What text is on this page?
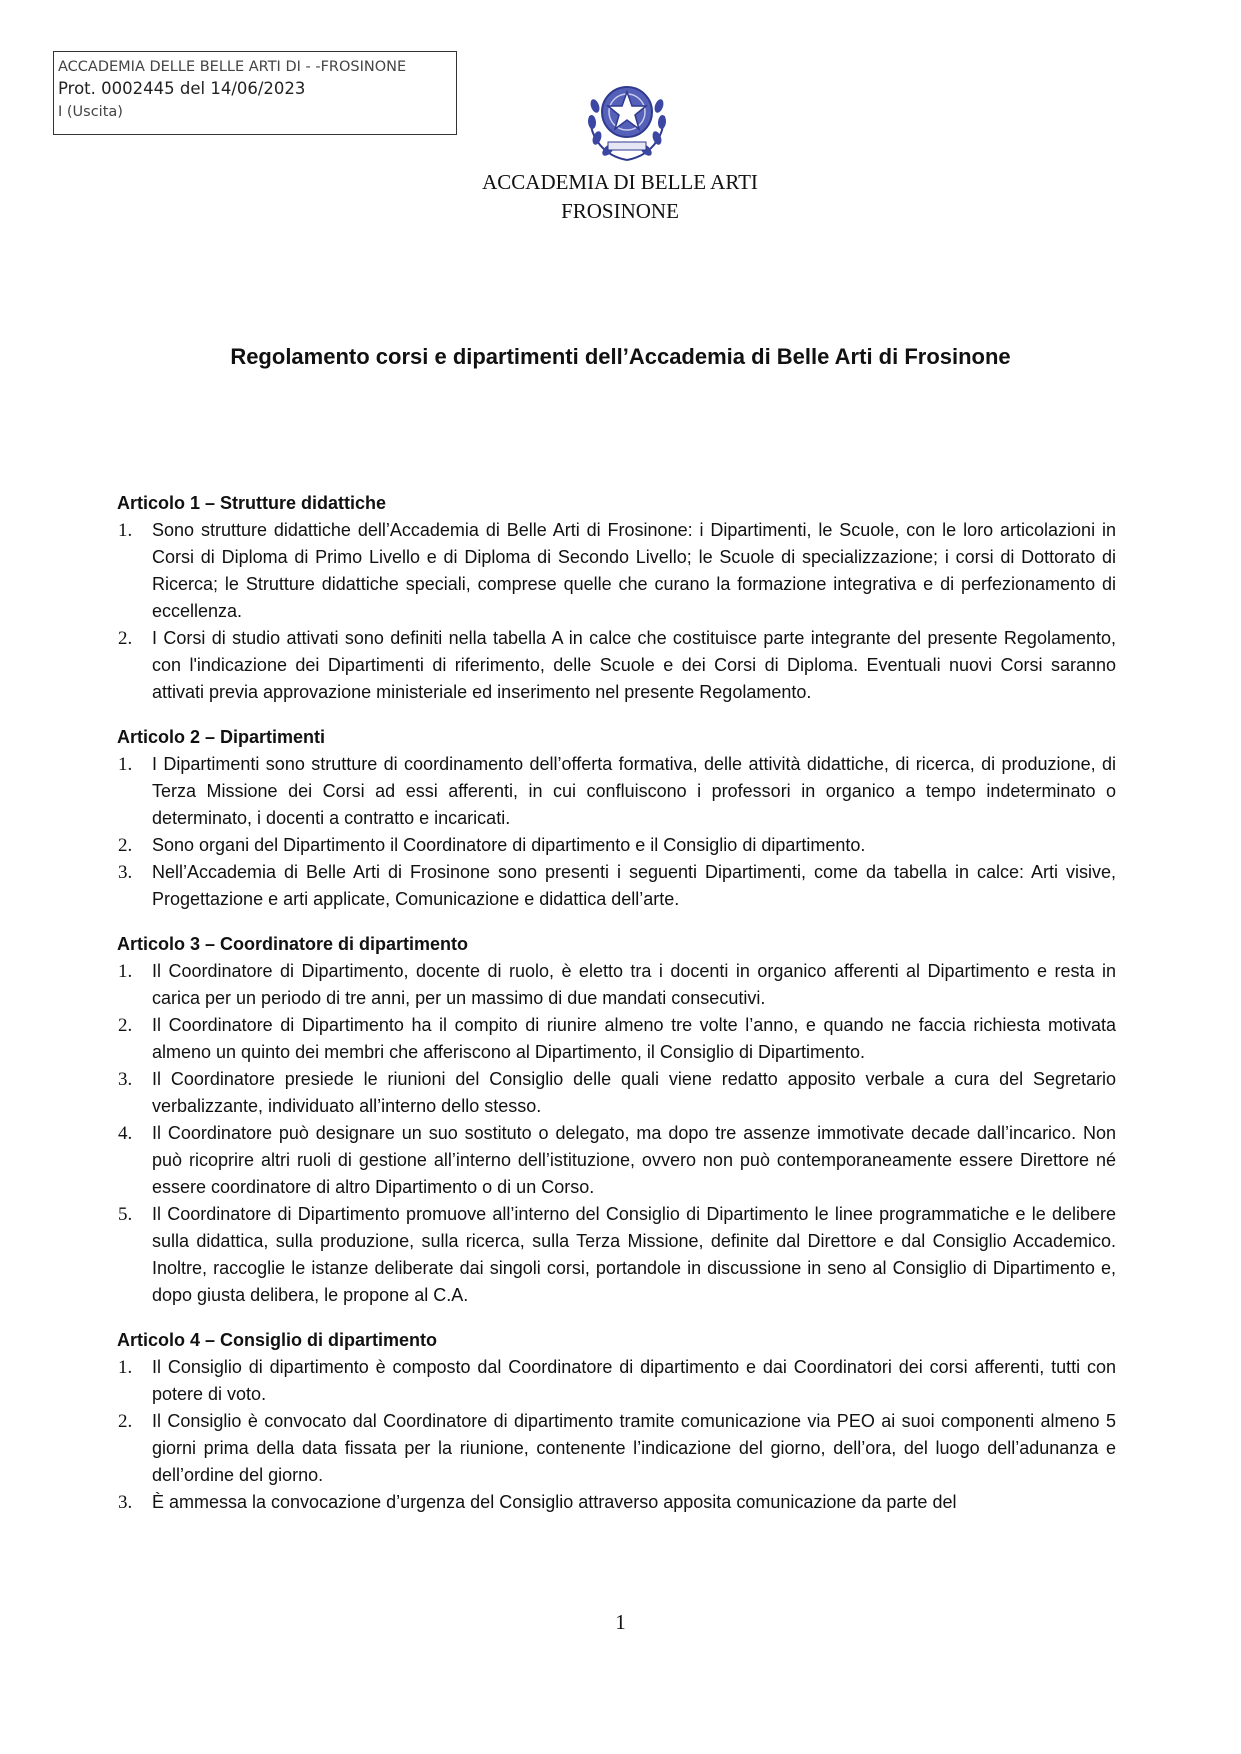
ACCADEMIA DELLE BELLE ARTI DI - -FROSINONE
Prot. 0002445 del 14/06/2023
I (Uscita)
ACCADEMIA DI BELLE ARTI
FROSINONE
Regolamento corsi e dipartimenti dell’Accademia di Belle Arti di Frosinone
Articolo 1 – Strutture didattiche
1. Sono strutture didattiche dell’Accademia di Belle Arti di Frosinone: i Dipartimenti, le Scuole, con le loro articolazioni in Corsi di Diploma di Primo Livello e di Diploma di Secondo Livello; le Scuole di specializzazione; i corsi di Dottorato di Ricerca; le Strutture didattiche speciali, comprese quelle che curano la formazione integrativa e di perfezionamento di eccellenza.
2. I Corsi di studio attivati sono definiti nella tabella A in calce che costituisce parte integrante del presente Regolamento, con l'indicazione dei Dipartimenti di riferimento, delle Scuole e dei Corsi di Diploma. Eventuali nuovi Corsi saranno attivati previa approvazione ministeriale ed inserimento nel presente Regolamento.
Articolo 2 – Dipartimenti
1. I Dipartimenti sono strutture di coordinamento dell’offerta formativa, delle attività didattiche, di ricerca, di produzione, di Terza Missione dei Corsi ad essi afferenti, in cui confluiscono i professori in organico a tempo indeterminato o determinato, i docenti a contratto e incaricati.
2. Sono organi del Dipartimento il Coordinatore di dipartimento e il Consiglio di dipartimento.
3. Nell’Accademia di Belle Arti di Frosinone sono presenti i seguenti Dipartimenti, come da tabella in calce: Arti visive, Progettazione e arti applicate, Comunicazione e didattica dell’arte.
Articolo 3 – Coordinatore di dipartimento
1. Il Coordinatore di Dipartimento, docente di ruolo, è eletto tra i docenti in organico afferenti al Dipartimento e resta in carica per un periodo di tre anni, per un massimo di due mandati consecutivi.
2. Il Coordinatore di Dipartimento ha il compito di riunire almeno tre volte l’anno, e quando ne faccia richiesta motivata almeno un quinto dei membri che afferiscono al Dipartimento, il Consiglio di Dipartimento.
3. Il Coordinatore presiede le riunioni del Consiglio delle quali viene redatto apposito verbale a cura del Segretario verbalizzante, individuato all’interno dello stesso.
4. Il Coordinatore può designare un suo sostituto o delegato, ma dopo tre assenze immotivate decade dall’incarico. Non può ricoprire altri ruoli di gestione all’interno dell’istituzione, ovvero non può contemporaneamente essere Direttore né essere coordinatore di altro Dipartimento o di un Corso.
5. Il Coordinatore di Dipartimento promuove all’interno del Consiglio di Dipartimento le linee programmatiche e le delibere sulla didattica, sulla produzione, sulla ricerca, sulla Terza Missione, definite dal Direttore e dal Consiglio Accademico. Inoltre, raccoglie le istanze deliberate dai singoli corsi, portandole in discussione in seno al Consiglio di Dipartimento e, dopo giusta delibera, le propone al C.A.
Articolo 4 – Consiglio di dipartimento
1. Il Consiglio di dipartimento è composto dal Coordinatore di dipartimento e dai Coordinatori dei corsi afferenti, tutti con potere di voto.
2. Il Consiglio è convocato dal Coordinatore di dipartimento tramite comunicazione via PEO ai suoi componenti almeno 5 giorni prima della data fissata per la riunione, contenente l’indicazione del giorno, dell’ora, del luogo dell’adunanza e dell’ordine del giorno.
3. È ammessa la convocazione d’urgenza del Consiglio attraverso apposita comunicazione da parte del
1
